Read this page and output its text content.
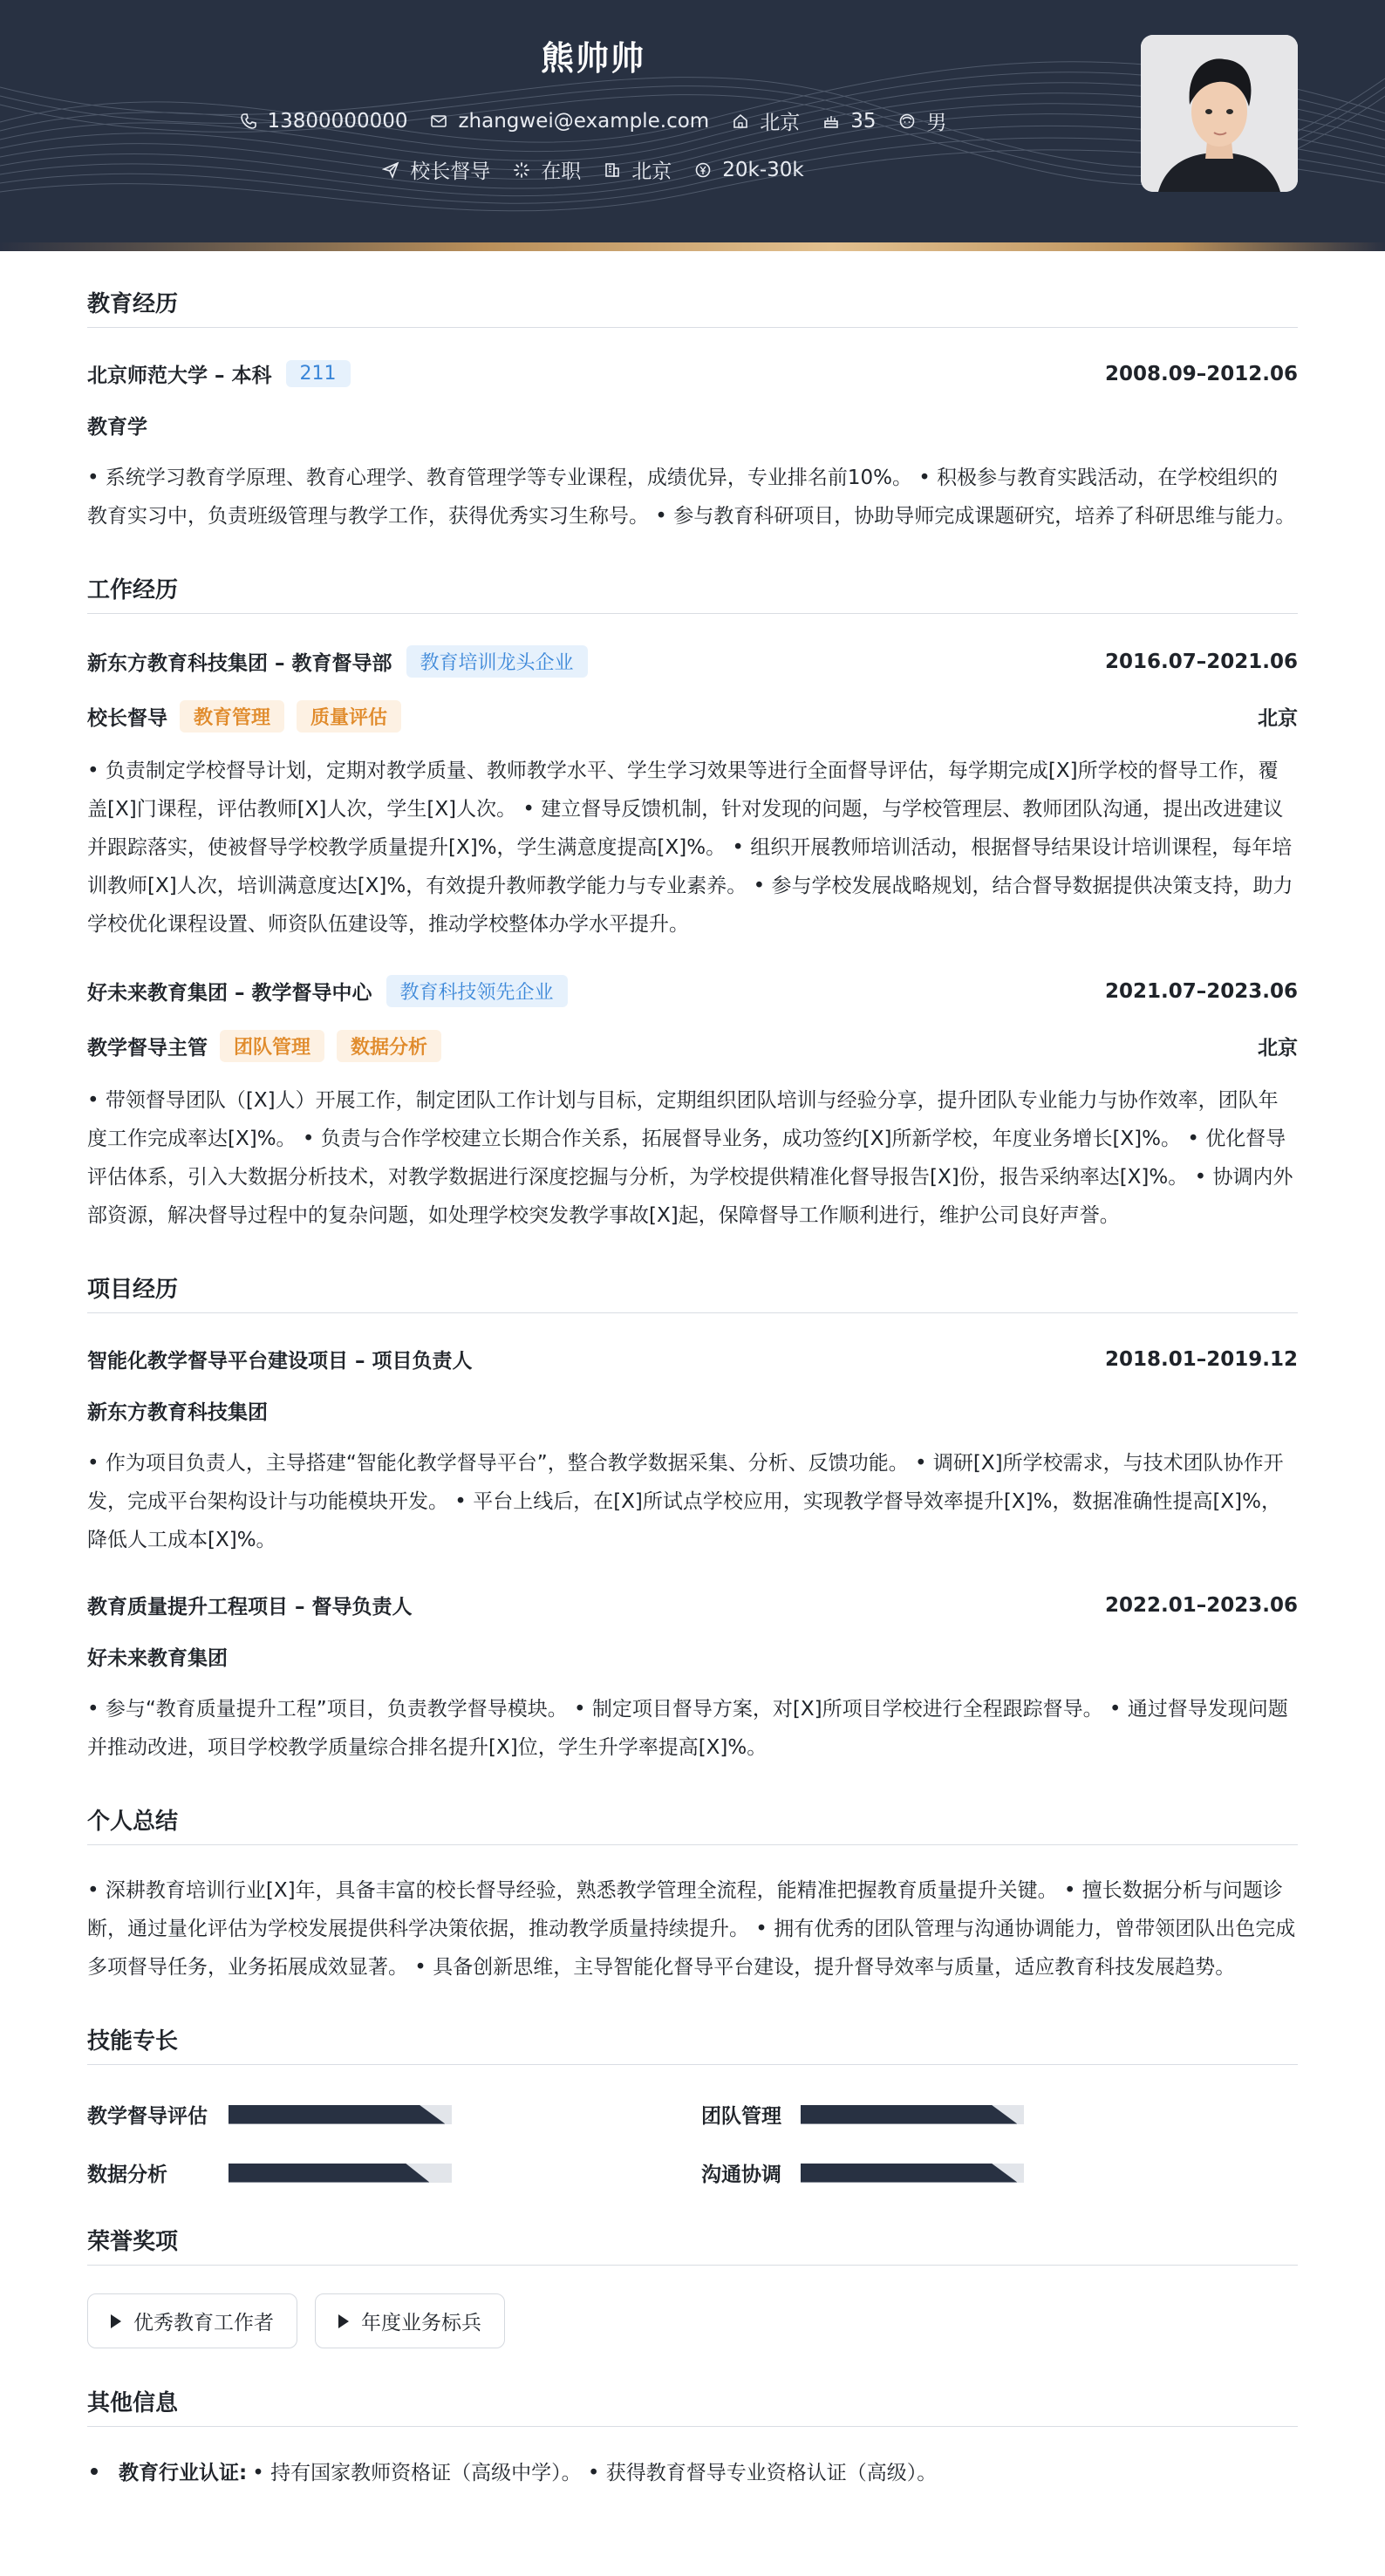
熊帅帅
13800000000	zhangwei@example.com	北京	35	男
校长督导	在职	北京	20k-30k
教育经历
北京师范大学 – 本科	211	2008.09–2012.06
教育学
• 系统学习教育学原理、教育心理学、教育管理学等专业课程，成绩优异，专业排名前10%。 • 积极参与教育实践活动，在学校组织的教育实习中，负责班级管理与教学工作，获得优秀实习生称号。 • 参与教育科研项目，协助导师完成课题研究，培养了科研思维与能力。
工作经历
新东方教育科技集团 – 教育督导部	教育培训龙头企业	2016.07–2021.06
校长督导	教育管理	质量评估	北京
• 负责制定学校督导计划，定期对教学质量、教师教学水平、学生学习效果等进行全面督导评估，每学期完成[X]所学校的督导工作，覆盖[X]门课程，评估教师[X]人次，学生[X]人次。 • 建立督导反馈机制，针对发现的问题，与学校管理层、教师团队沟通，提出改进建议并跟踪落实，使被督导学校教学质量提升[X]%，学生满意度提高[X]%。 • 组织开展教师培训活动，根据督导结果设计培训课程，每年培训教师[X]人次，培训满意度达[X]%，有效提升教师教学能力与专业素养。 • 参与学校发展战略规划，结合督导数据提供决策支持，助力学校优化课程设置、师资队伍建设等，推动学校整体办学水平提升。
好未来教育集团 – 教学督导中心	教育科技领先企业	2021.07–2023.06
教学督导主管	团队管理	数据分析	北京
• 带领督导团队（[X]人）开展工作，制定团队工作计划与目标，定期组织团队培训与经验分享，提升团队专业能力与协作效率，团队年度工作完成率达[X]%。 • 负责与合作学校建立长期合作关系，拓展督导业务，成功签约[X]所新学校，年度业务增长[X]%。 • 优化督导评估体系，引入大数据分析技术，对教学数据进行深度挖掘与分析，为学校提供精准化督导报告[X]份，报告采纳率达[X]%。 • 协调内外部资源，解决督导过程中的复杂问题，如处理学校突发教学事故[X]起，保障督导工作顺利进行，维护公司良好声誉。
项目经历
智能化教学督导平台建设项目 – 项目负责人	2018.01–2019.12
新东方教育科技集团
• 作为项目负责人，主导搭建“智能化教学督导平台”，整合教学数据采集、分析、反馈功能。 • 调研[X]所学校需求，与技术团队协作开发，完成平台架构设计与功能模块开发。 • 平台上线后，在[X]所试点学校应用，实现教学督导效率提升[X]%，数据准确性提高[X]%，降低人工成本[X]%。
教育质量提升工程项目 – 督导负责人	2022.01–2023.06
好未来教育集团
• 参与“教育质量提升工程”项目，负责教学督导模块。 • 制定项目督导方案，对[X]所项目学校进行全程跟踪督导。 • 通过督导发现问题并推动改进，项目学校教学质量综合排名提升[X]位，学生升学率提高[X]%。
个人总结
• 深耕教育培训行业[X]年，具备丰富的校长督导经验，熟悉教学管理全流程，能精准把握教育质量提升关键。 • 擅长数据分析与问题诊断，通过量化评估为学校发展提供科学决策依据，推动教学质量持续提升。 • 拥有优秀的团队管理与沟通协调能力，曾带领团队出色完成多项督导任务，业务拓展成效显著。 • 具备创新思维，主导智能化督导平台建设，提升督导效率与质量，适应教育科技发展趋势。
技能专长
教学督导评估	团队管理
数据分析	沟通协调
荣誉奖项
优秀教育工作者	年度业务标兵
其他信息
教育行业认证: • 持有国家教师资格证（高级中学）。 • 获得教育督导专业资格认证（高级）。
